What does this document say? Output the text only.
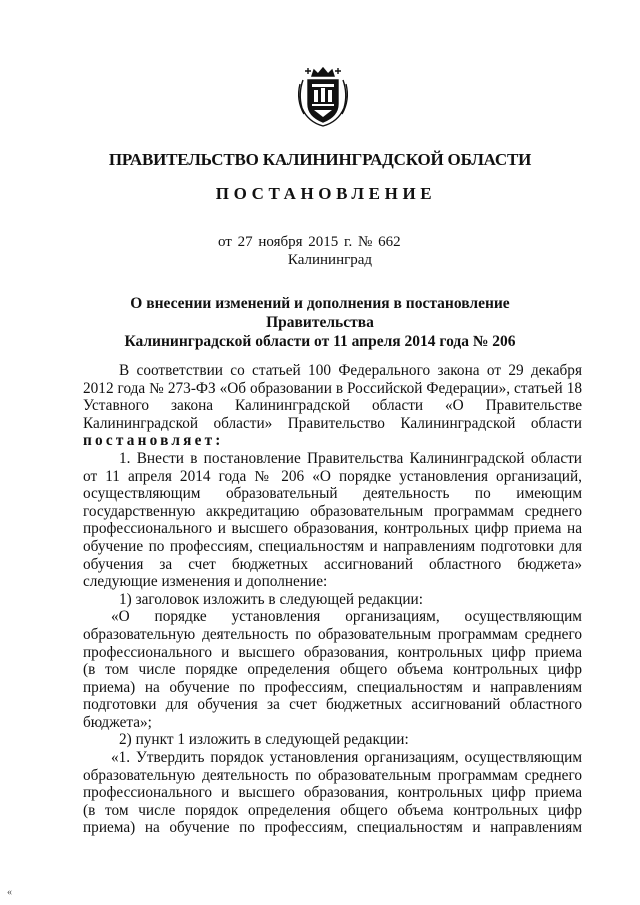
ПРАВИТЕЛЬСТВО КАЛИНИНГРАДСКОЙ ОБЛАСТИ
ПОСТАНОВЛЕНИЕ
от 27 ноября 2015 г. № 662
Калининград
О внесении изменений и дополнения в постановление Правительства
Калининградской области от 11 апреля 2014 года № 206
В соответствии со статьей 100 Федерального закона от 29 декабря
2012 года № 273-ФЗ «Об образовании в Российской Федерации», статьей 18
Уставного закона Калининградской области «О Правительстве
Калининградской области» Правительство Калининградской области
постановляет:
1. Внести в постановление Правительства Калининградской области
от 11 апреля 2014 года № 206 «О порядке установления организаций,
осуществляющим образовательный деятельность по имеющим
государственную аккредитацию образовательным программам среднего
профессионального и высшего образования, контрольных цифр приема на
обучение по профессиям, специальностям и направлениям подготовки для
обучения за счет бюджетных ассигнований областного бюджета»
следующие изменения и дополнение:
1) заголовок изложить в следующей редакции:
«О порядке установления организациям, осуществляющим
образовательную деятельность по образовательным программам среднего
профессионального и высшего образования, контрольных цифр приема
(в том числе порядке определения общего объема контрольных цифр
приема) на обучение по профессиям, специальностям и направлениям
подготовки для обучения за счет бюджетных ассигнований областного
бюджета»;
2) пункт 1 изложить в следующей редакции:
«1. Утвердить порядок установления организациям, осуществляющим
образовательную деятельность по образовательным программам среднего
профессионального и высшего образования, контрольных цифр приема
(в том числе порядок определения общего объема контрольных цифр
приема) на обучение по профессиям, специальностям и направлениям
«
